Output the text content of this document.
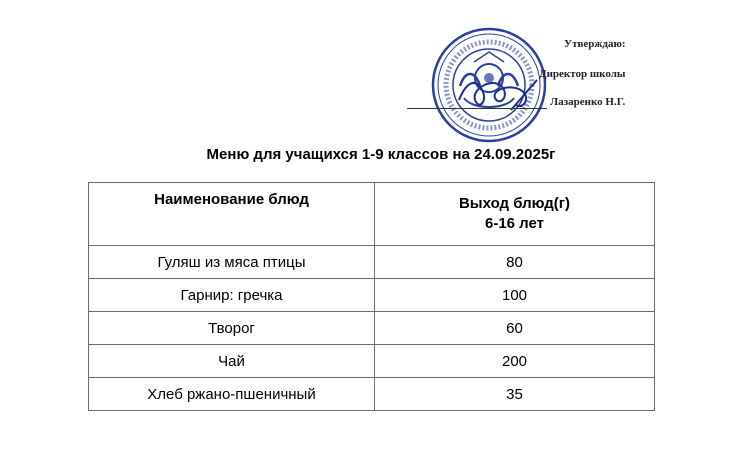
Утверждаю:
Директор школы
Лазаренко Н.Г.
Меню для учащихся 1-9 классов на 24.09.2025г
Наименование блюд	Выход блюд(г)
6-16 лет

Гуляш из мяса птицы	80
Гарнир: гречка	100
Творог	60
Чай	200
Хлеб ржано-пшеничный	35
